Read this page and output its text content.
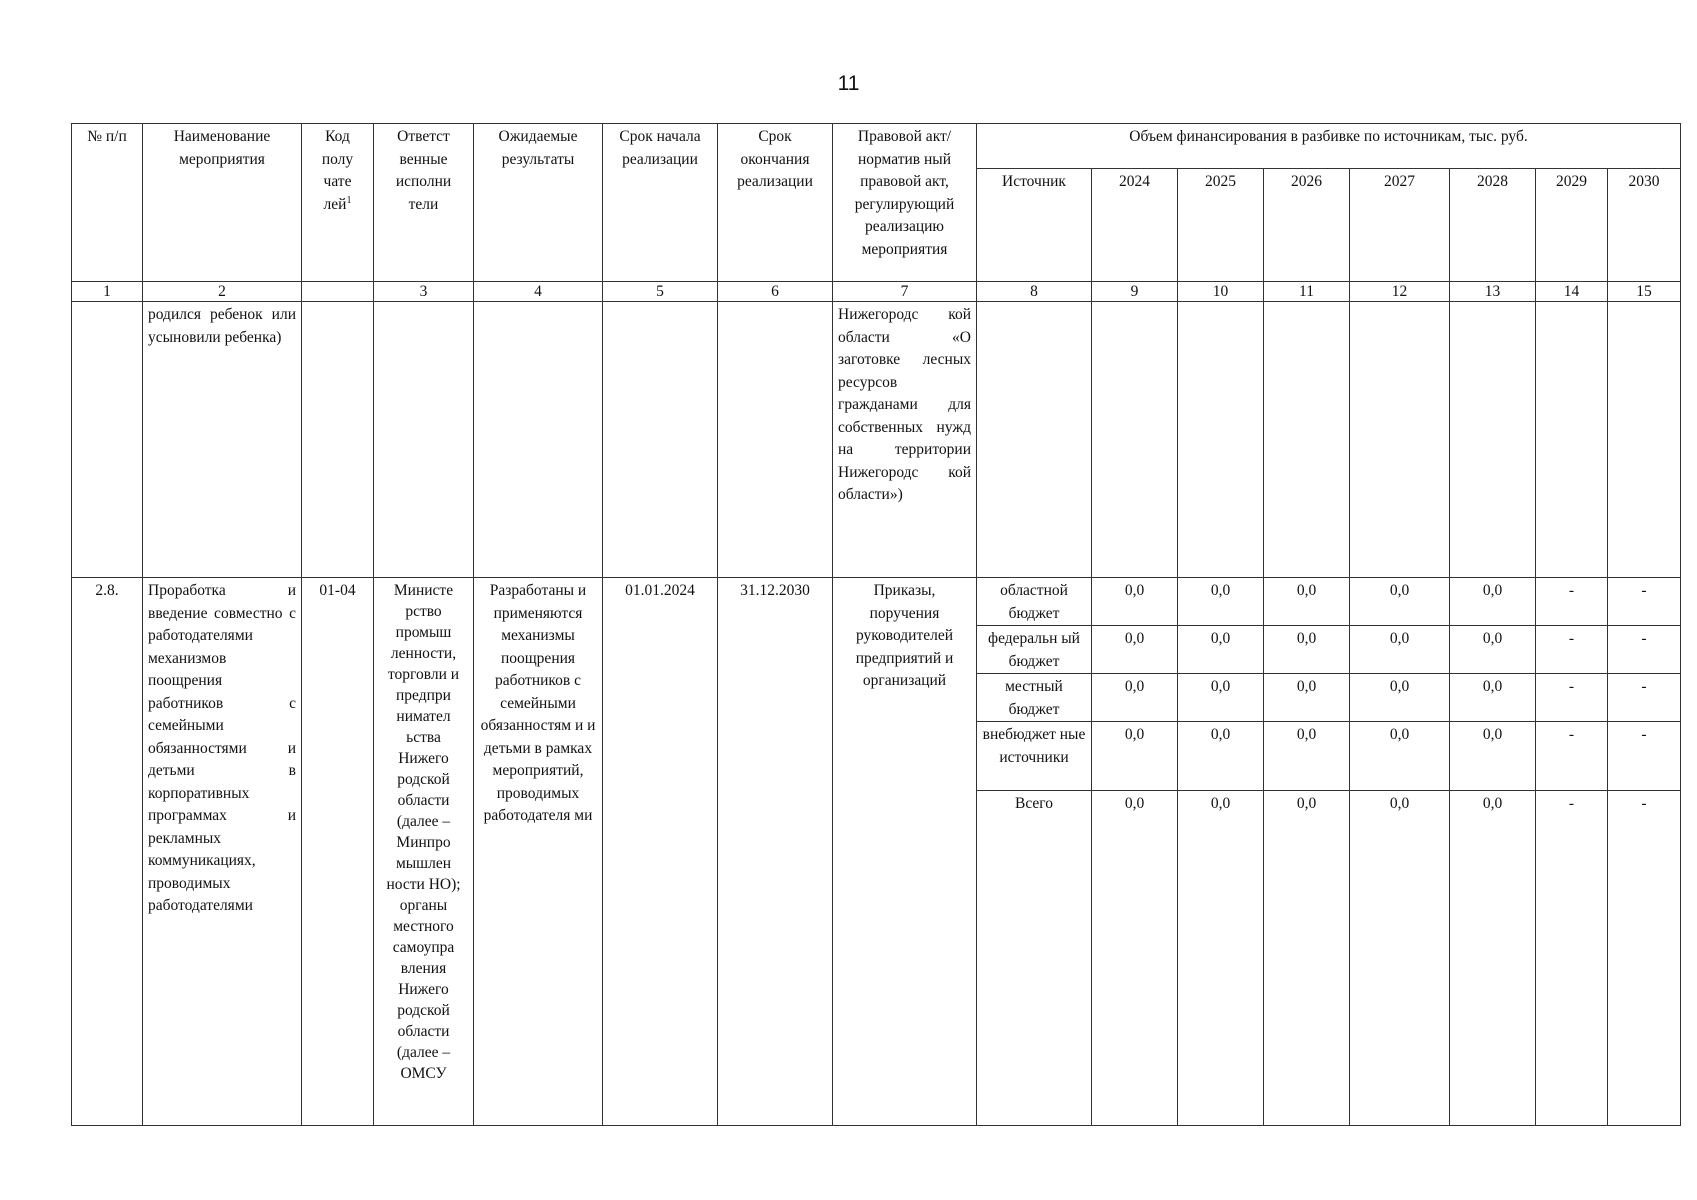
11
№ п/п	Наименование мероприятия	Код
полу
чате
лей$^1$	Ответст
венные
исполни
тели	Ожидаемые результаты	Срок начала реализации	Срок окончания реализации	Правовой акт/норматив ный правовой акт, регулирующий реализацию мероприятия	Объем финансирования в разбивке по источникам, тыс. руб.							
								Источник	2024	2025	2026	2027	2028	2029	2030
1	2		3	4	5	6	7	8	9	10	11	12	13	14	15
	родился ребенок или усыновили ребенка)						Нижегородс кой области «О заготовке лесных ресурсов гражданами для собственных нужд на территории Нижегородс кой области»)								
2.8.	Проработка и введение совместно с работодателями механизмов поощрения работников с семейными обязанностями и детьми в корпоративных программах и рекламных коммуникациях, проводимых работодателями	01-04	Министе рство промыш ленности, торговли и предпри нимател ьства Нижего родской области (далее – Минпро мышлен ности НО); органы местного самоупра вления Нижего родской области (далее – ОМСУ	Разработаны и применяются механизмы поощрения работников с семейными обязанностям и и детьми в рамках мероприятий, проводимых работодателя ми	01.01.2024	31.12.2030	Приказы, поручения руководителей предприятий и организаций	областной бюджет	0,0	0,0	0,0	0,0	0,0	-	-
								федеральн ый бюджет	0,0	0,0	0,0	0,0	0,0	-	-
								местный бюджет	0,0	0,0	0,0	0,0	0,0	-	-
								внебюджет ные источники	0,0	0,0	0,0	0,0	0,0	-	-
								Всего	0,0	0,0	0,0	0,0	0,0	-	-
